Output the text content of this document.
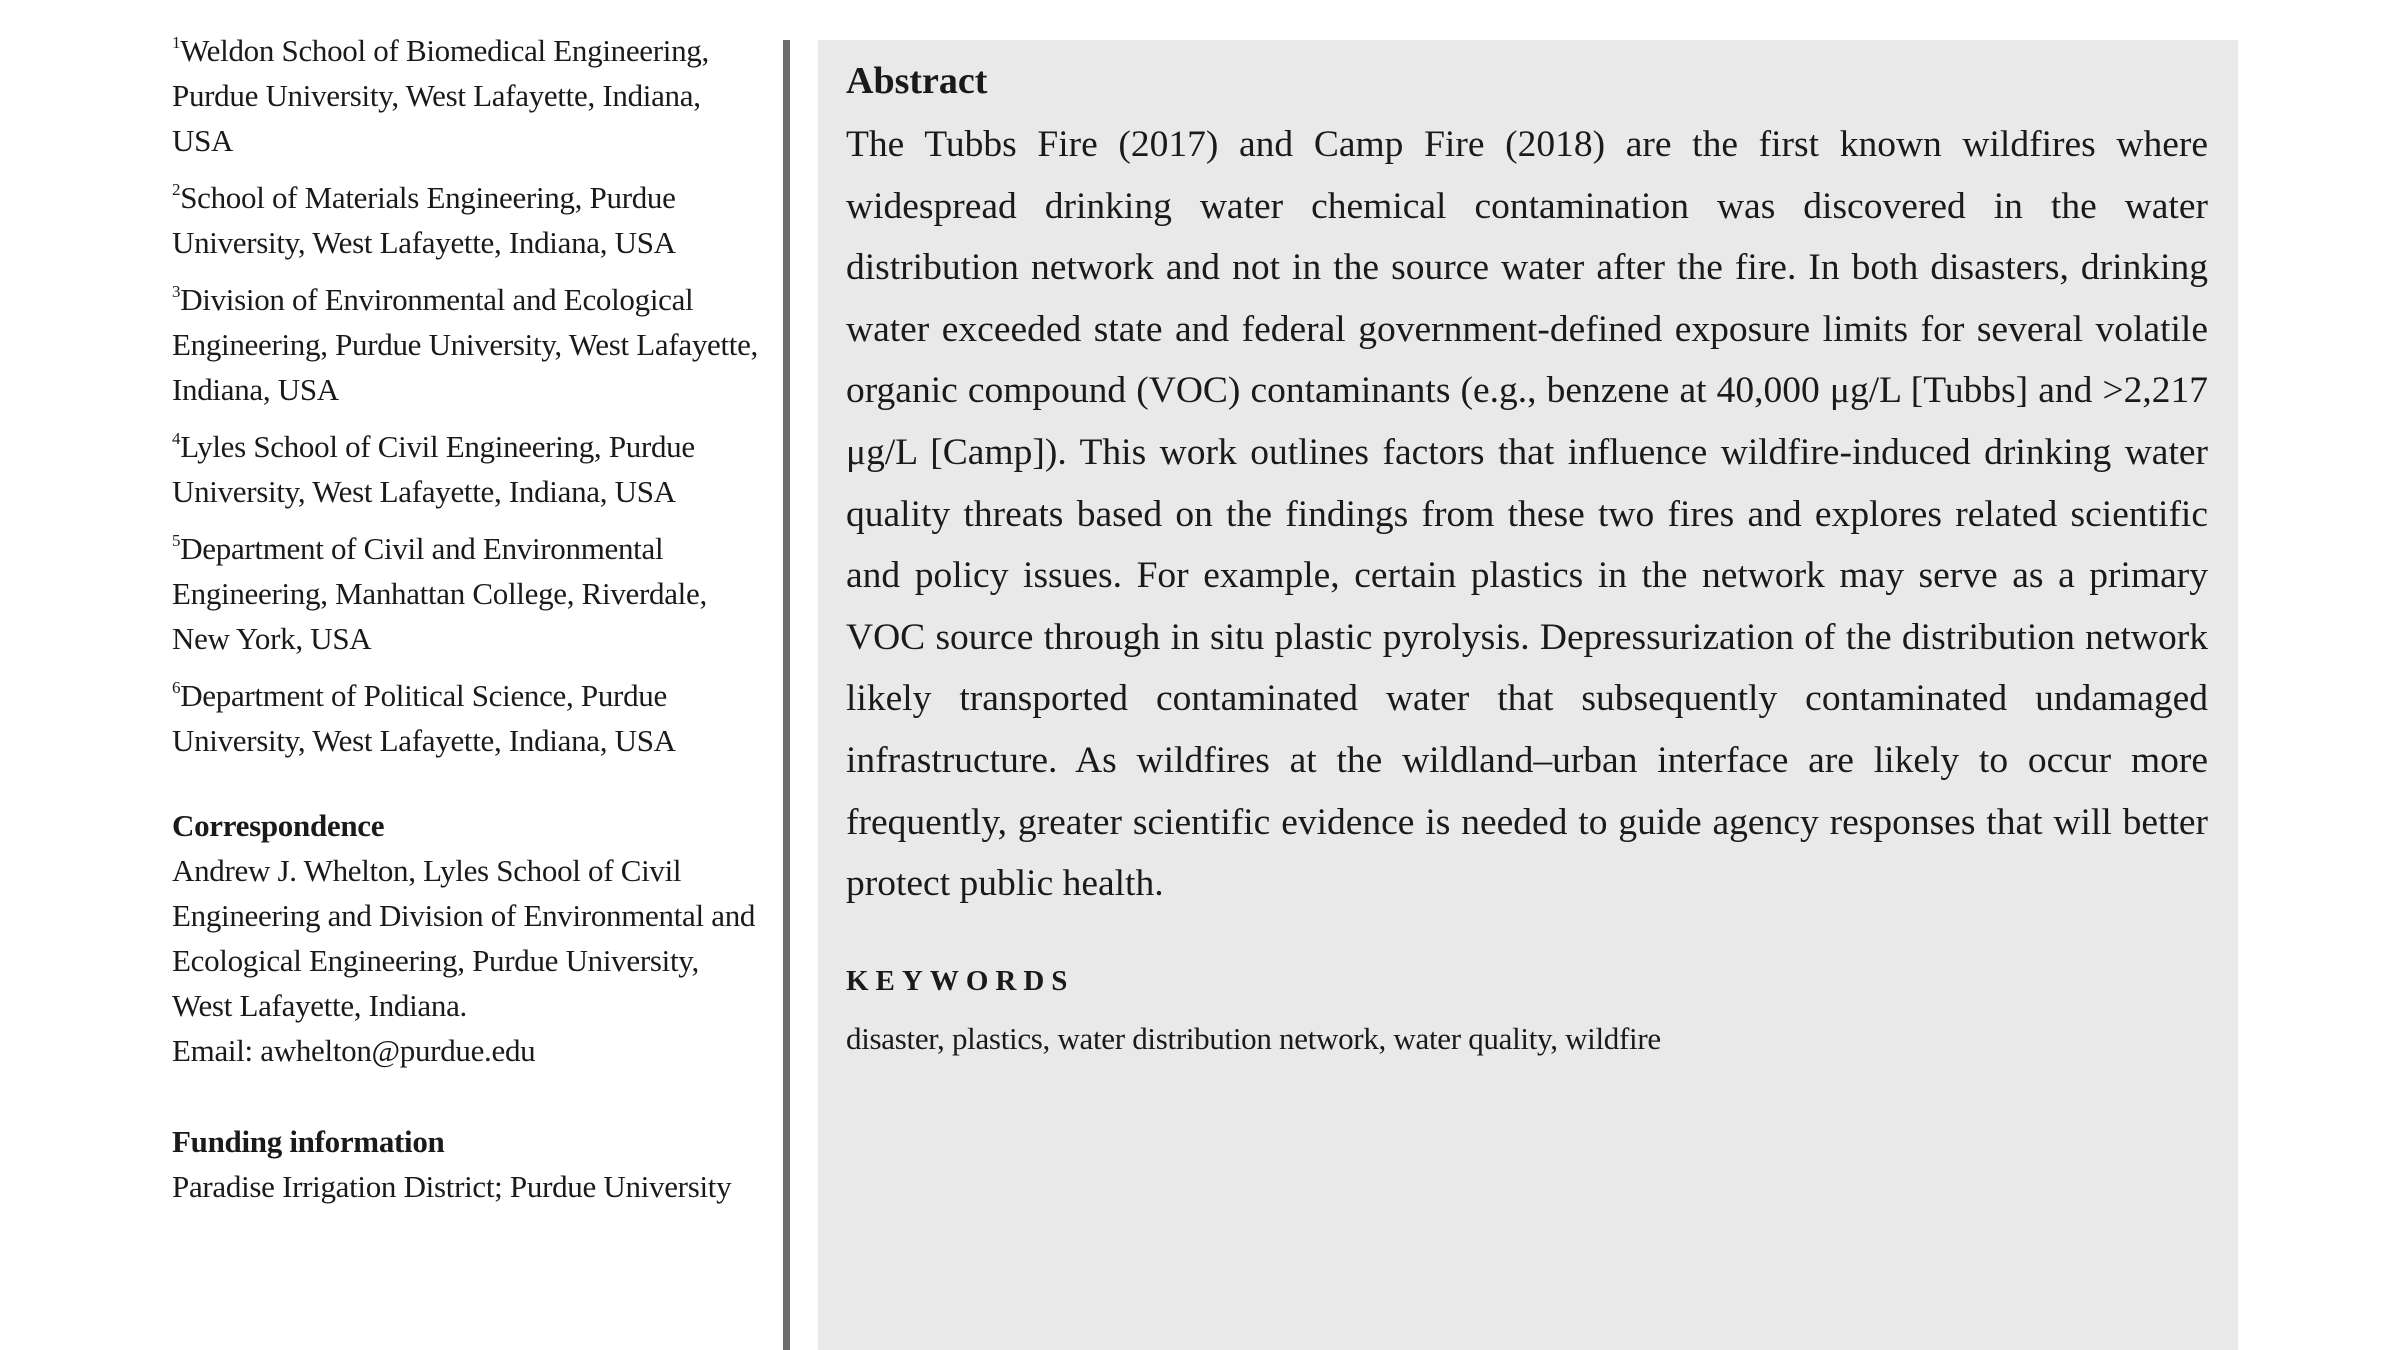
$^1$Weldon School of Biomedical Engineering, Purdue University, West Lafayette, Indiana, USA

$^2$School of Materials Engineering, Purdue University, West Lafayette, Indiana, USA

$^3$Division of Environmental and Ecological Engineering, Purdue University, West Lafayette, Indiana, USA

$^4$Lyles School of Civil Engineering, Purdue University, West Lafayette, Indiana, USA

$^5$Department of Civil and Environmental Engineering, Manhattan College, Riverdale, New York, USA

$^6$Department of Political Science, Purdue University, West Lafayette, Indiana, USA

Correspondence

Andrew J. Whelton, Lyles School of Civil Engineering and Division of Environmental and Ecological Engineering, Purdue University, West Lafayette, Indiana.

Email: awhelton@purdue.edu

Funding information

Paradise Irrigation District; Purdue University

Abstract

The Tubbs Fire (2017) and Camp Fire (2018) are the first known wildfires where widespread drinking water chemical contamination was discovered in the water distribution network and not in the source water after the fire. In both disasters, drinking water exceeded state and federal government-defined exposure limits for several volatile organic compound (VOC) contaminants (e.g., benzene at 40,000 μg/L [Tubbs] and >2,217 μg/L [Camp]). This work outlines factors that influence wildfire-induced drinking water quality threats based on the findings from these two fires and explores related scientific and policy issues. For example, certain plastics in the network may serve as a primary VOC source through in situ plastic pyrolysis. Depressurization of the distribution network likely transported contaminated water that subsequently contaminated undamaged infrastructure. As wildfires at the wildland–urban interface are likely to occur more frequently, greater scientific evidence is needed to guide agency responses that will better protect public health.

KEYWORDS

disaster, plastics, water distribution network, water quality, wildfire
